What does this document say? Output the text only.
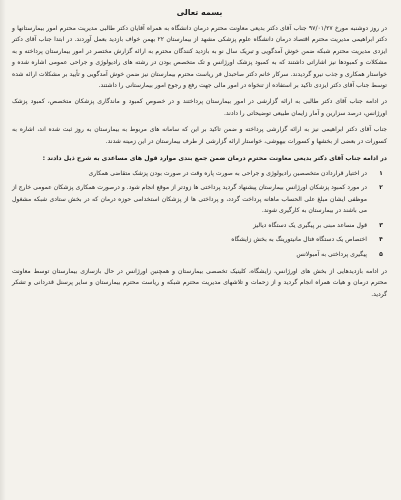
بسمه تعالی

در روز دوشنبه مورخ ۹۷/۰۱/۲۷ جناب آقای دکتر بدیعی معاونت محترم درمان دانشگاه به همراه آقایان دکتر طالبی مدیریت محترم امور بیمارستانها و دکتر ابراهیمی مدیریت محترم اقتصاد درمان دانشگاه علوم پزشکی مشهد از بیمارستان ۲۲ بهمن خواف بازدید بعمل آوردند. در ابتدا جناب آقای دکتر ایزدی مدیریت محترم شبکه ضمن خوش آمدگویی و تبریک سال نو به بازدید کنندگان محترم به ارائه گزارش مختصر در امور بیمارستان پرداخته و به مشکلات و کمبودها نیز اشاراتی داشتند که به کمبود پزشک اورژانس و تک متخصص بودن در رشته های رادیولوژی و جراحی عمومی اشاره شده و خواستار همکاری و جذب نیرو گردیدند. سرکار خانم دکتر صاحبدل فر ریاست محترم بیمارستان نیز ضمن خوش آمدگویی و تأیید بر مشکلات ارائه شده توسط جناب آقای دکتر ایزدی تاکید بر استفاده از تنخواه در امور مالی جهت رفع و رجوع امور بیمارستانی را داشتند.

در ادامه جناب آقای دکتر طالبی به ارائه گزارشی در امور بیمارستان پرداختند و در خصوص کمبود و ماندگاری پزشکان متخصص، کمبود پزشک اورژانس، درصد سزارین و آمار زایمان طبیعی توضیحاتی را دادند.

جناب آقای دکتر ابراهیمی نیز به ارائه گزارشی پرداخته و ضمن تاکید بر این که سامانه های مربوط به بیمارستان به روز ثبت شده اند، اشاره به کسورات در بعضی از بخشها و کسورات بیهوشی، خواستار ارائه گزارشی از طرف بیمارستان در این زمینه شدند.

در ادامه جناب آقای دکتر بدیعی معاونت محترم درمان ضمن جمع بندی موارد قول های مساعدی به شرح ذیل دادند :
۱
در اختیار قراردادن متخصصین رادیولوژی و جراحی به صورت پاره وقت در صورت بودن پزشک متقاضی همکاری
۲
در مورد کمبود پزشکان اورژانس بیمارستان پیشنهاد گردید پرداختی ها زودتر از موقع انجام شود. و درصورت همکاری پزشکان عمومی خارج از موظفی ایشان مبلغ علی الحساب ماهانه پرداخت گردد، و پرداختی ها از پزشکان استخدامی حوزه درمان که در بخش ستادی شبکه مشغول می باشند در بیمارستان به کارگیری شوند.
۳
قول مساعد مبنی بر پیگیری یک دستگاه دیالیز
۴
اختصاص یک دستگاه فتال مانیتورینگ به بخش زایشگاه
۵
پیگیری پرداختی به آمبولانس

در ادامه بازدیدهایی از بخش های اورژانس، زایشگاه، کلینیک تخصصی بیمارستان و همچنین اورژانس در حال بازسازی بیمارستان توسط معاونت محترم درمان و هیات همراه انجام گردید و از زحمات و تلاشهای مدیریت محترم شبکه و ریاست محترم بیمارستان و سایر پرسنل قدردانی و تشکر گردید.
